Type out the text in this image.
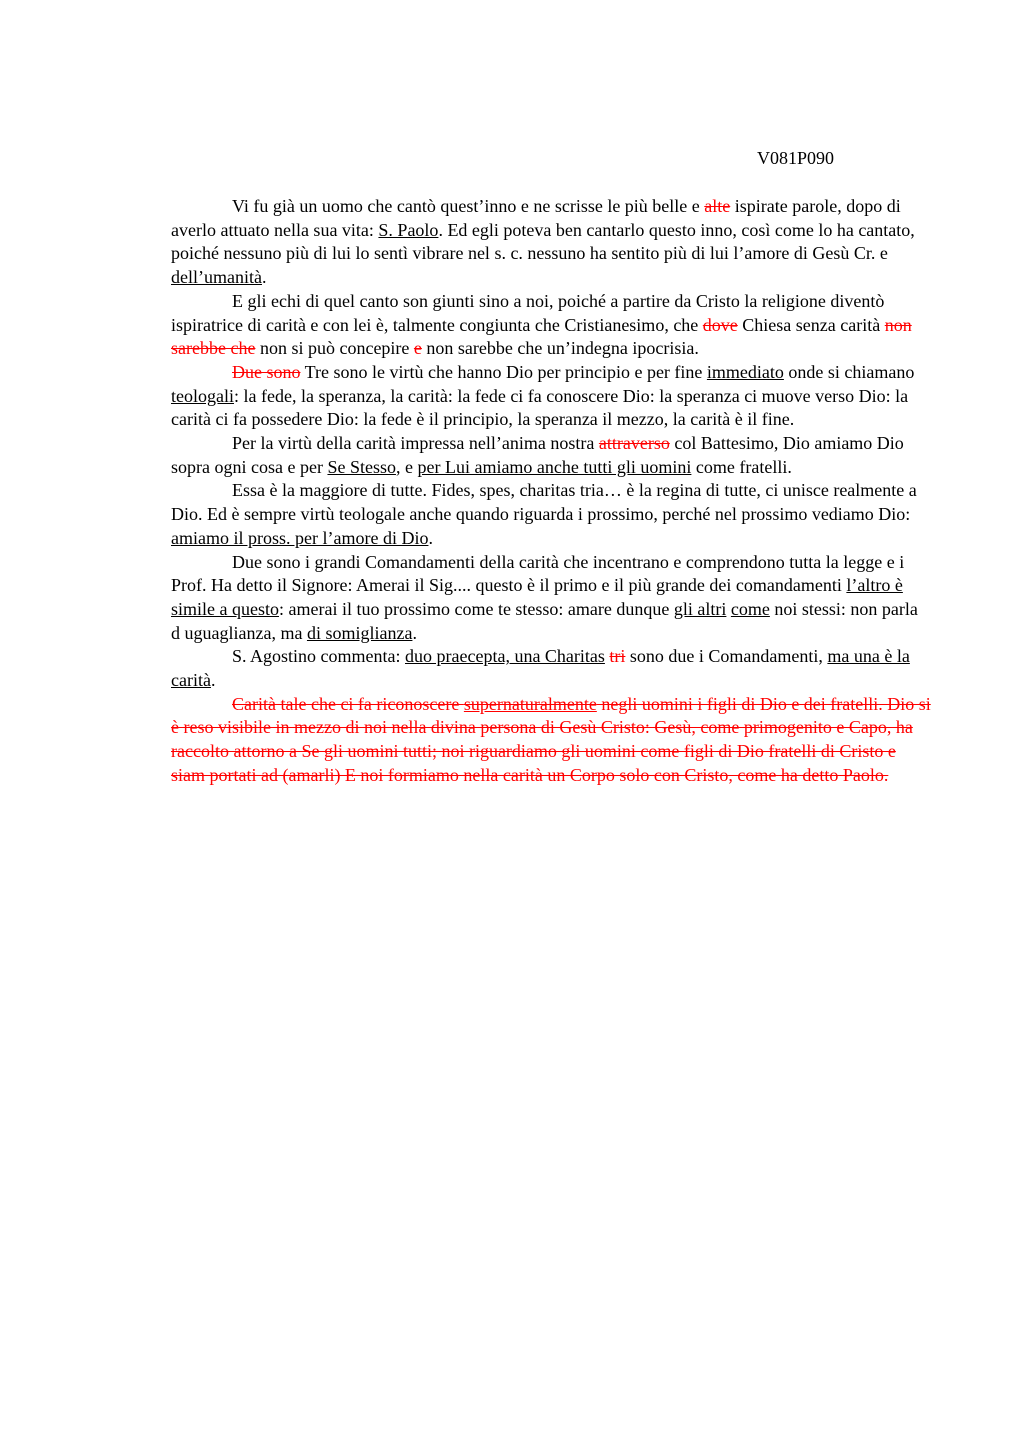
V081P090

Vi fu già un uomo che cantò quest’inno e ne scrisse le più belle e alte ispirate parole, dopo di averlo attuato nella sua vita: S. Paolo. Ed egli poteva ben cantarlo questo inno, così come lo ha cantato, poiché nessuno più di lui lo sentì vibrare nel s. c. nessuno ha sentito più di lui l’amore di Gesù Cr. e dell’umanità.

E gli echi di quel canto son giunti sino a noi, poiché a partire da Cristo la religione diventò ispiratrice di carità e con lei è, talmente congiunta che Cristianesimo, che dove Chiesa senza carità non sarebbe che non si può concepire e non sarebbe che un’indegna ipocrisia.

Due sono Tre sono le virtù che hanno Dio per principio e per fine immediato onde si chiamano teologali: la fede, la speranza, la carità: la fede ci fa conoscere Dio: la speranza ci muove verso Dio: la carità ci fa possedere Dio: la fede è il principio, la speranza il mezzo, la carità è il fine.

Per la virtù della carità impressa nell’anima nostra attraverso col Battesimo, Dio amiamo Dio sopra ogni cosa e per Se Stesso, e per Lui amiamo anche tutti gli uomini come fratelli.

Essa è la maggiore di tutte. Fides, spes, charitas tria… è la regina di tutte, ci unisce realmente a Dio. Ed è sempre virtù teologale anche quando riguarda i prossimo, perché nel prossimo vediamo Dio: amiamo il pross. per l’amore di Dio.

Due sono i grandi Comandamenti della carità che incentrano e comprendono tutta la legge e i Prof. Ha detto il Signore: Amerai il Sig.... questo è il primo e il più grande dei comandamenti l’altro è simile a questo: amerai il tuo prossimo come te stesso: amare dunque gli altri come noi stessi: non parla d uguaglianza, ma di somiglianza.

S. Agostino commenta: duo praecepta, una Charitas tri sono due i Comandamenti, ma una è la carità.

Carità tale che ci fa riconoscere supernaturalmente negli uomini i figli di Dio e dei fratelli. Dio si è reso visibile in mezzo di noi nella divina persona di Gesù Cristo: Gesù, come primogenito e Capo, ha raccolto attorno a Se gli uomini tutti; noi riguardiamo gli uomini come figli di Dio fratelli di Cristo e siam portati ad (amarli) E noi formiamo nella carità un Corpo solo con Cristo, come ha detto Paolo.
